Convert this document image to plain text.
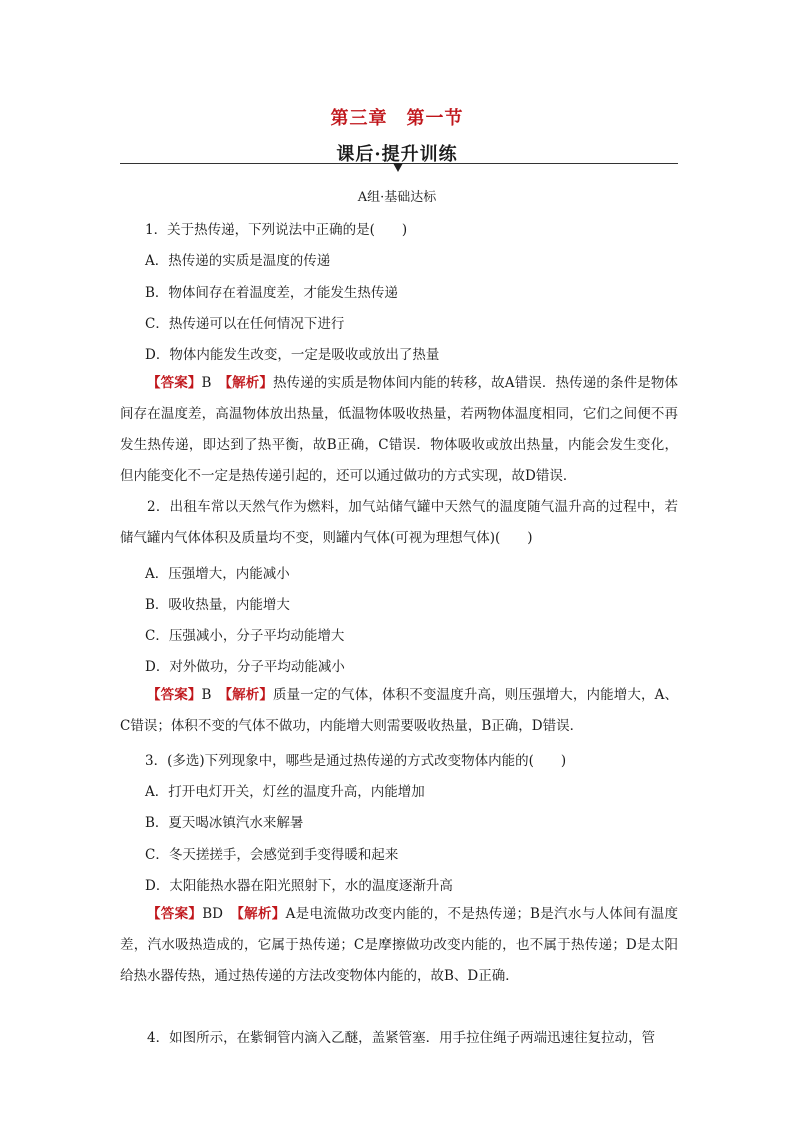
第三章　第一节
课后·提升训练
A组·基础达标
1．关于热传递，下列说法中正确的是(　　)
A．热传递的实质是温度的传递
B．物体间存在着温度差，才能发生热传递
C．热传递可以在任何情况下进行
D．物体内能发生改变，一定是吸收或放出了热量

【答案】B　 【解析】热传递的实质是物体间内能的转移，故A错误．热传递的条件是物体间存在温度差，高温物体放出热量，低温物体吸收热量，若两物体温度相同，它们之间便不再发生热传递，即达到了热平衡，故B正确，C错误．物体吸收或放出热量，内能会发生变化，但内能变化不一定是热传递引起的，还可以通过做功的方式实现，故D错误．

2．出租车常以天然气作为燃料，加气站储气罐中天然气的温度随气温升高的过程中，若储气罐内气体体积及质量均不变，则罐内气体(可视为理想气体)(　　)

A．压强增大，内能减小
B．吸收热量，内能增大
C．压强减小，分子平均动能增大
D．对外做功，分子平均动能减小

【答案】B　 【解析】质量一定的气体，体积不变温度升高，则压强增大，内能增大，A、C错误；体积不变的气体不做功，内能增大则需要吸收热量，B正确，D错误．

3．(多选)下列现象中，哪些是通过热传递的方式改变物体内能的(　　)
A．打开电灯开关，灯丝的温度升高，内能增加
B．夏天喝冰镇汽水来解暑
C．冬天搓搓手，会感觉到手变得暖和起来
D．太阳能热水器在阳光照射下，水的温度逐渐升高

【答案】BD　 【解析】A是电流做功改变内能的，不是热传递；B是汽水与人体间有温度差，汽水吸热造成的，它属于热传递；C是摩擦做功改变内能的，也不属于热传递；D是太阳给热水器传热，通过热传递的方法改变物体内能的，故B、D正确．

4．如图所示，在紫铜管内滴入乙醚，盖紧管塞．用手拉住绳子两端迅速往复拉动，管
